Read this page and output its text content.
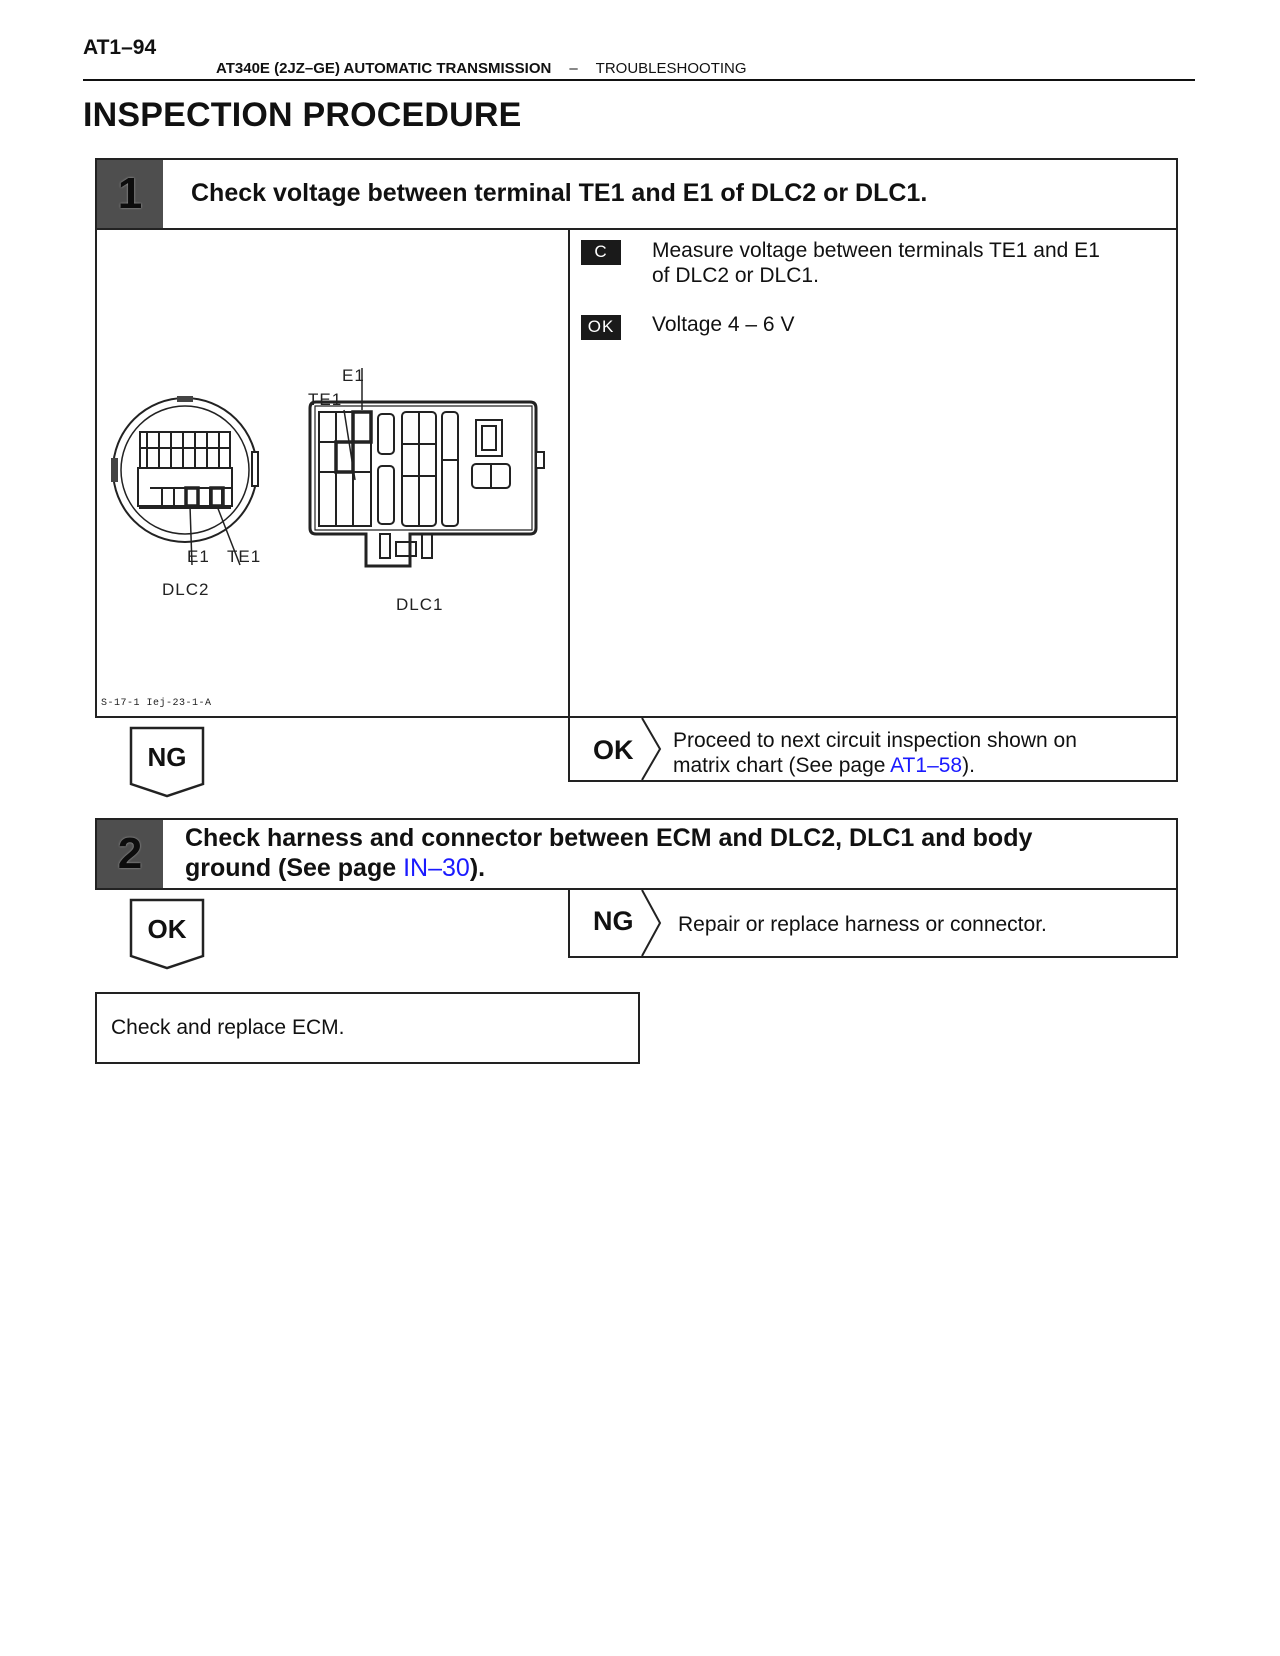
AT1–94
AT340E (2JZ–GE) AUTOMATIC TRANSMISSION – TROUBLESHOOTING
INSPECTION PROCEDURE
1 Check voltage between terminal TE1 and E1 of DLC2 or DLC1.
C	Measure voltage between terminals TE1 and E1
of DLC2 or DLC1.
OK	Voltage 4 – 6 V
E1
TE1
E1 TE1
DLC2
DLC1
S-17-1 Iej-23-1-A
NG	OK Proceed to next circuit inspection shown on
matrix chart (See page AT1–58).
2 Check harness and connector between ECM and DLC2, DLC1 and body
ground (See page IN–30).
OK	NG Repair or replace harness or connector.
Check and replace ECM.
